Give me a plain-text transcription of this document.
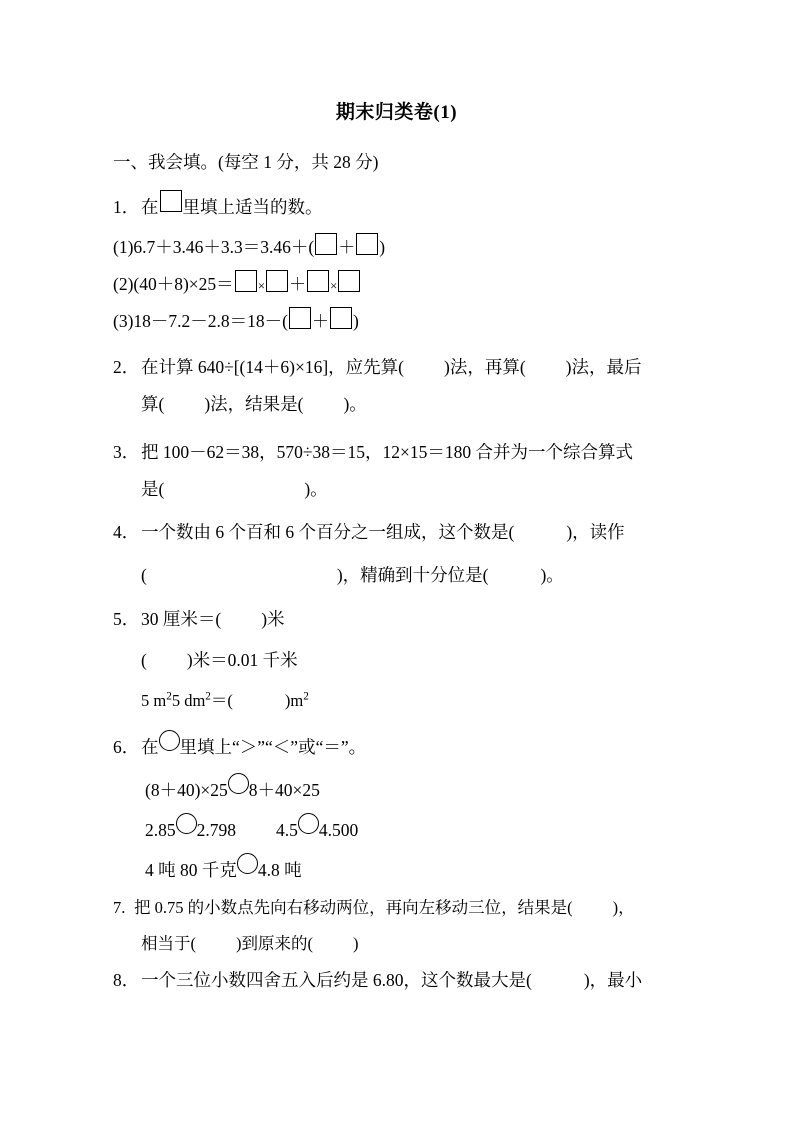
期末归类卷(1)
一、我会填。(每空 1 分，共 28 分)
1． 在 里填上适当的数。
(1)6.7＋3.46＋3.3＝3.46＋( ＋ )
(2)(40＋8)×25＝ × ＋ ×
(3)18－7.2－2.8＝18－( ＋ )
2． 在计算 640÷[(14＋6)×16]，应先算( )法，再算( )法，最后
算( )法，结果是( )。
3． 把 100－62＝38，570÷38＝15，12×15＝180 合并为一个综合算式
是(	)。
4． 一个数由 6 个百和 6 个百分之一组成，这个数是(	)，读作
(	)，精确到十分位是(	)。
5． 30 厘米＝( )米
( )米＝0.01 千米
5 $m^25$ $dm^2=$(	)$m^2$
6． 在 里填上“＞”“＜”或“＝”。
(8＋40)×25 8＋40×25
2.85 2.798 4.5 4.500
4 吨 80 千克 4.8 吨
7. 把 0.75 的小数点先向右移动两位，再向左移动三位，结果是( )，
相当于( )到原来的( )
8． 一个三位小数四舍五入后约是 6.80，这个数最大是(	)，最小
